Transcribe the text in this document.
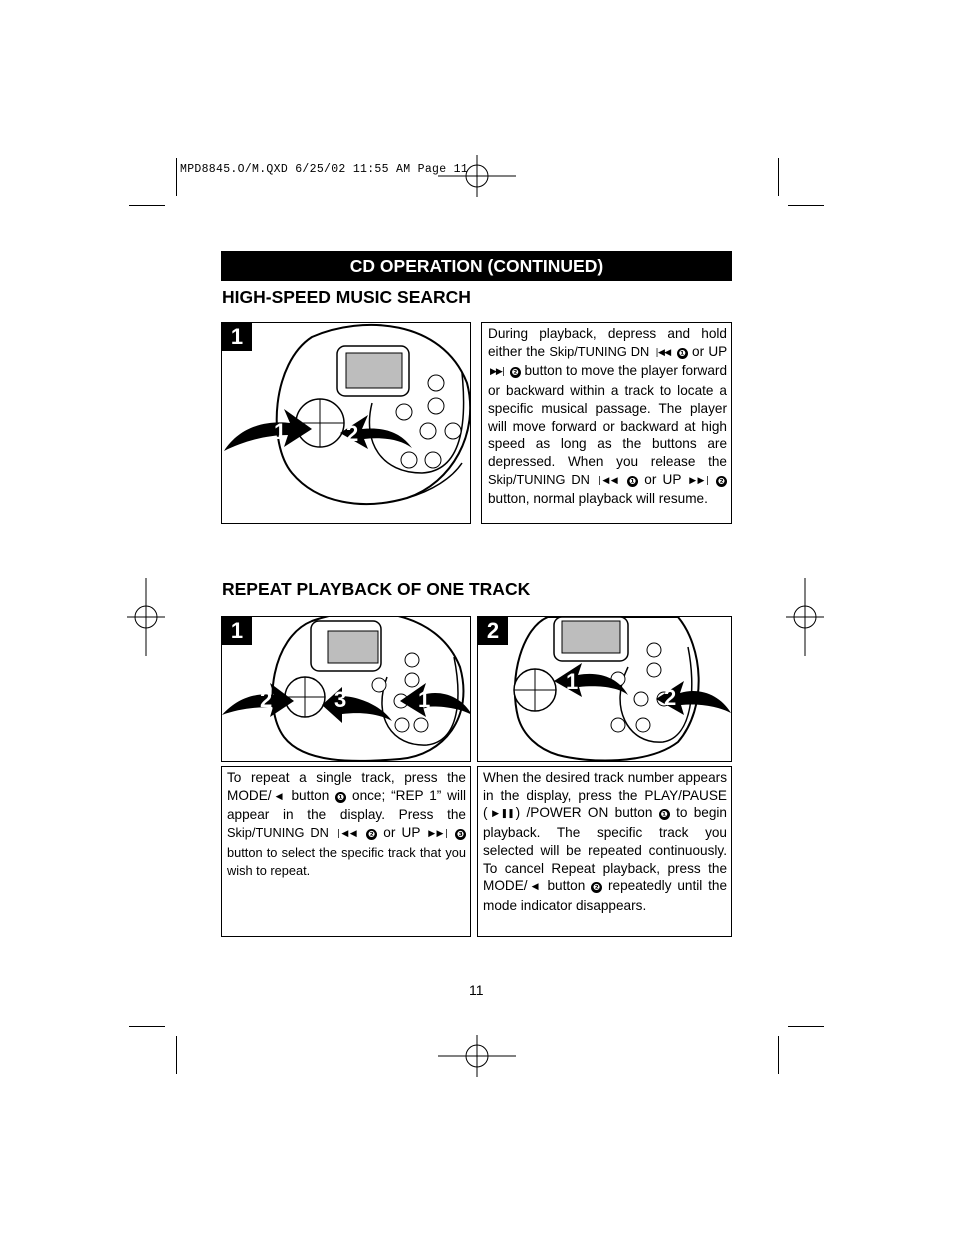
MPD8845.O/M.QXD 6/25/02 11:55 AM Page 11
CD OPERATION (CONTINUED)
HIGH-SPEED MUSIC SEARCH
1
1	2
During playback, depress and hold either the Skip/TUNING DN |◀◀ ❶ or UP ▶▶| ❷ button to move the player forward or backward within a track to locate a specific musical passage. The player will move forward or backward at high speed as long as the buttons are depressed. When you release the Skip/TUNING DN |◀◀ ❶ or UP ▶▶| ❷ button, normal playback will resume.
REPEAT PLAYBACK OF ONE TRACK
1
2	3	1
2
1
2
To repeat a single track, press the MODE/ ◀ button ❶ once; “REP 1” will appear in the display. Press the Skip/TUNING DN |◀◀ ❷ or UP ▶▶| ❸ button to select the specific track that you wish to repeat.
When the desired track number appears in the display, press the PLAY/PAUSE ( ▶❚❚ ) /POWER ON button ❶ to begin playback. The specific track you selected will be repeated continuously. To cancel Repeat playback, press the MODE/ ◀ button ❷ repeatedly until the mode indicator disappears.
11
